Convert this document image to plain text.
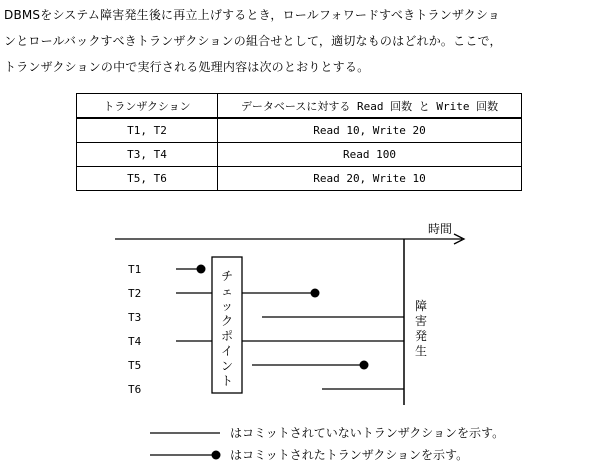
DBMSをシステム障害発生後に再立上げするとき，ロールフォワードすべきトランザクショ
ンとロールバックすべきトランザクションの組合せとして，適切なものはどれか。ここで，
トランザクションの中で実行される処理内容は次のとおりとする。
トランザクション	データベースに対する Read 回数 と Write 回数
T1, T2	Read 10, Write 20
T3, T4	Read 100
T5, T6	Read 20, Write 10
時間
障害発生
チェックポイント
T1
T2
T3
T4
T5
T6
はコミットされていないトランザクションを示す。
はコミットされたトランザクションを示す。
